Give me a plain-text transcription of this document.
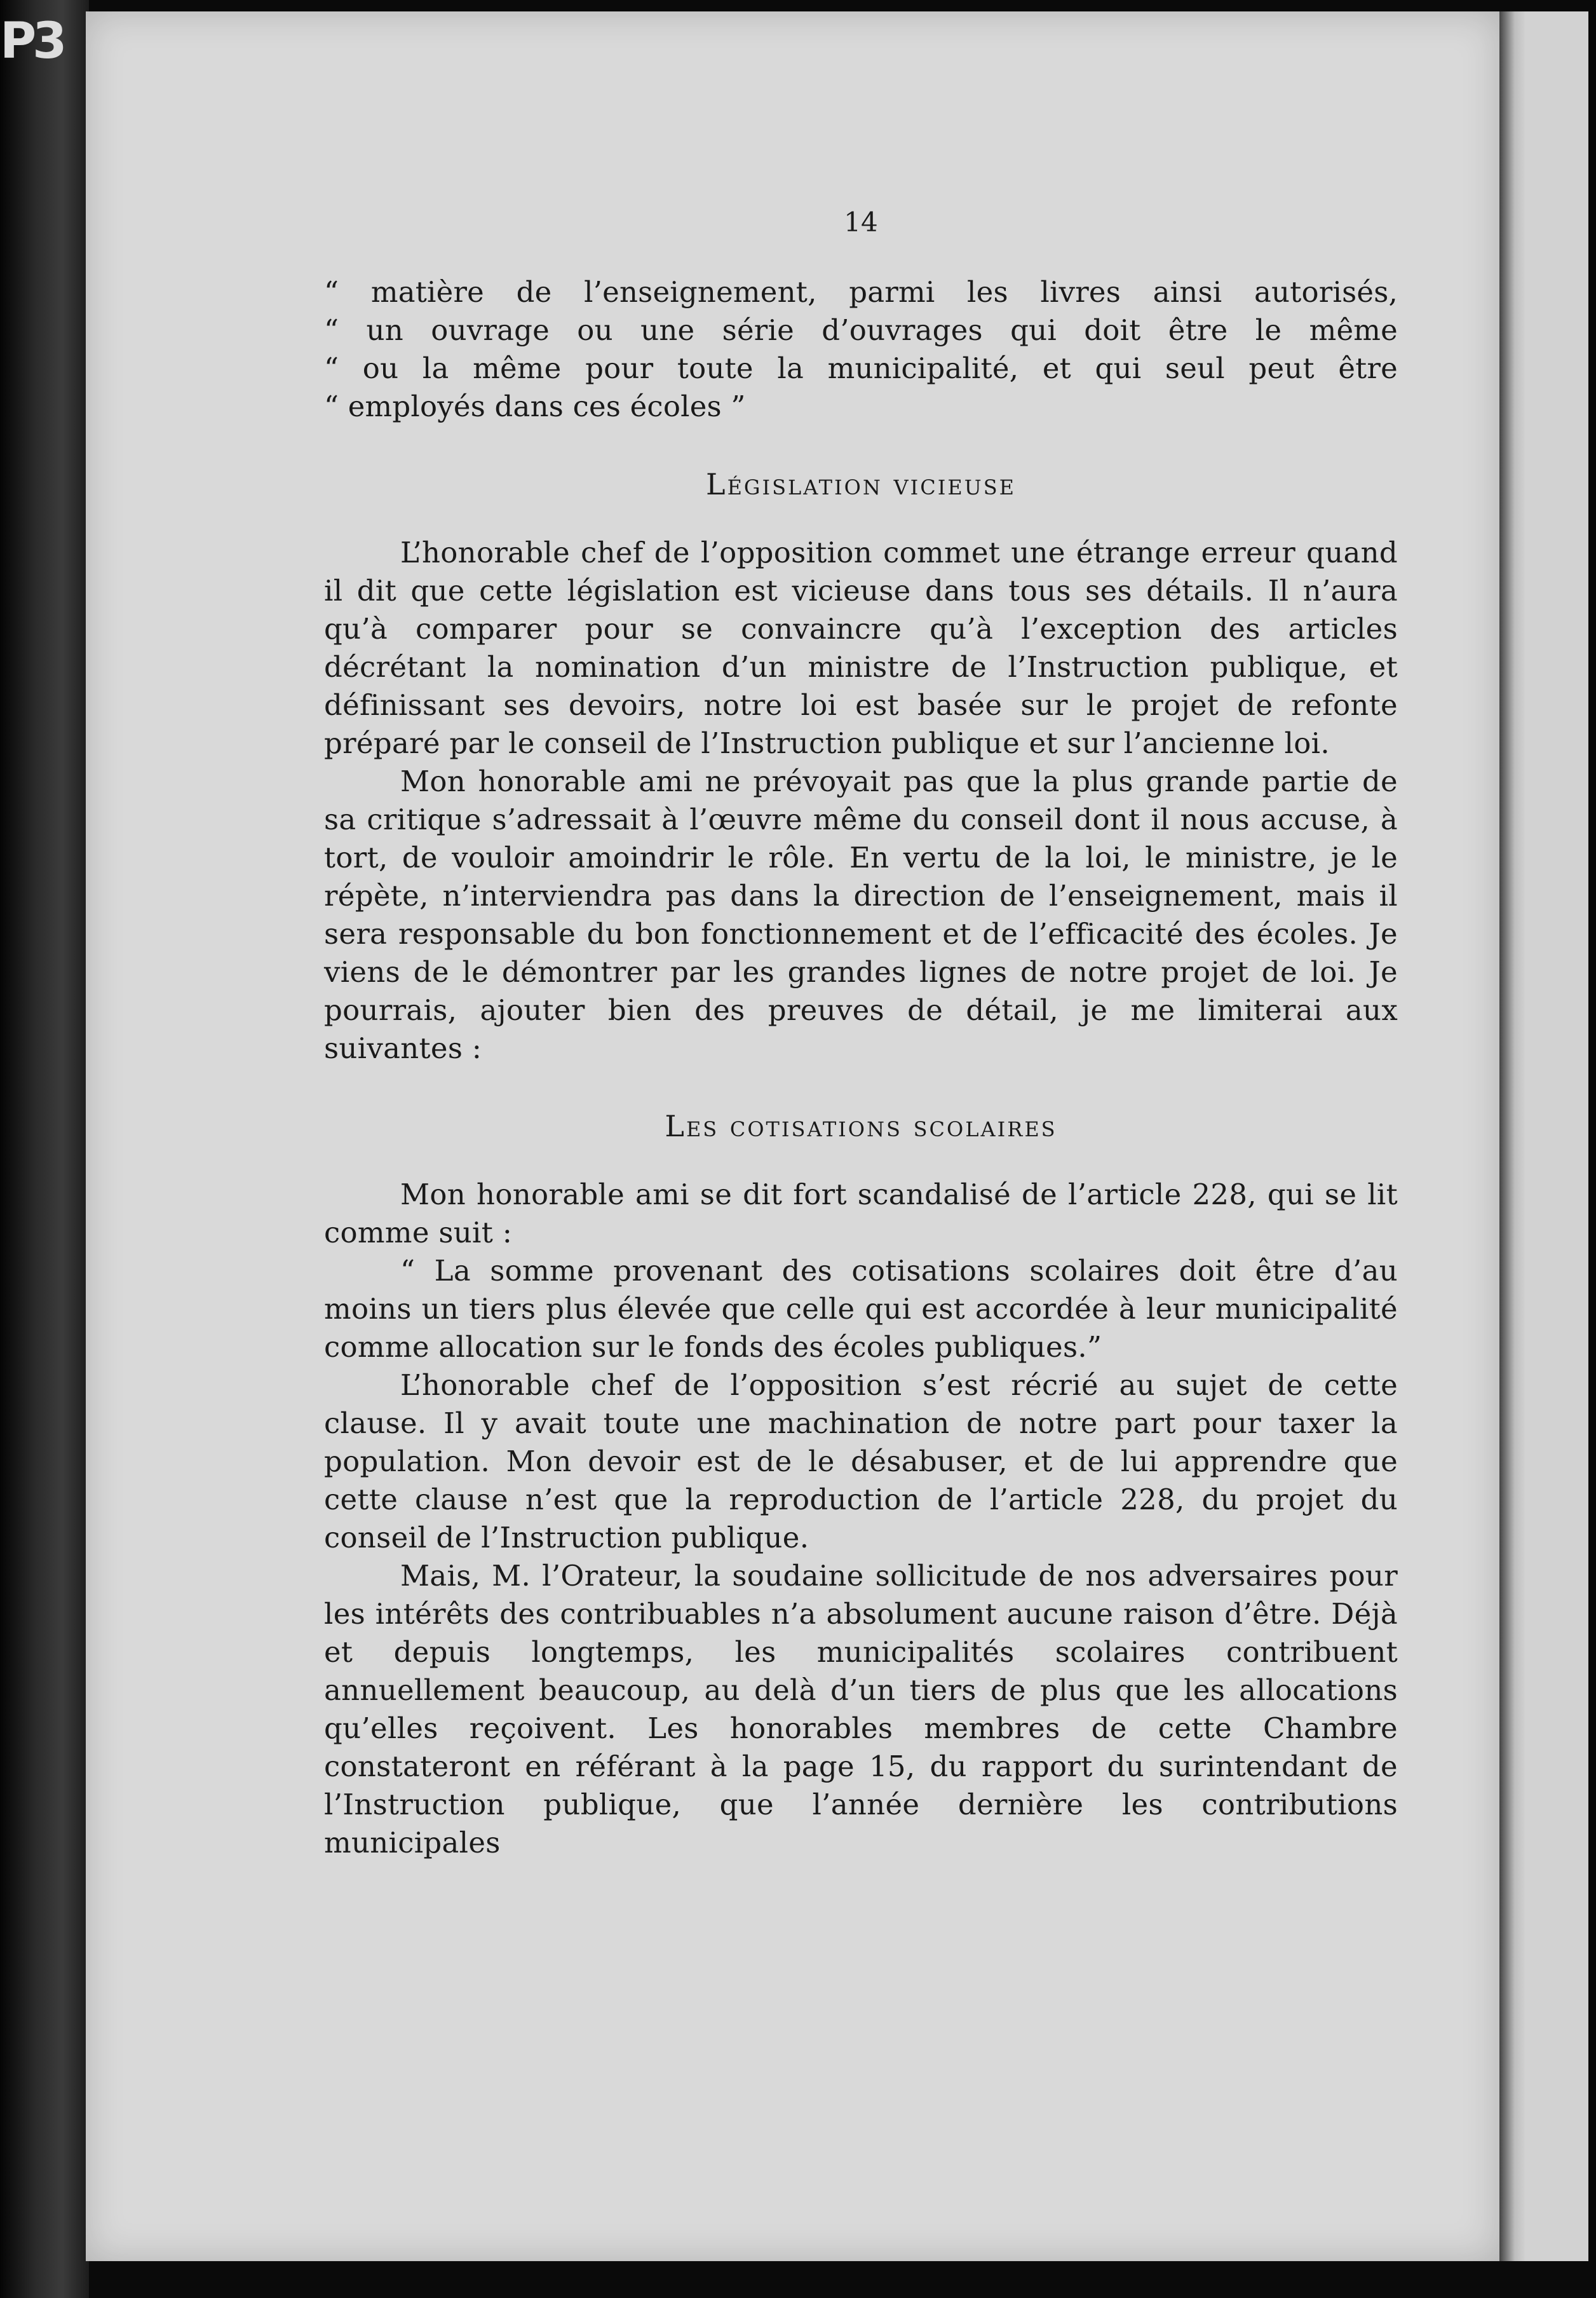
P3
14
“ matière de l’enseignement, parmi les livres ainsi autorisés,
“ un ouvrage ou une série d’ouvrages qui doit être le même
“ ou la même pour toute la municipalité, et qui seul peut être
“ employés dans ces écoles ”
Législation vicieuse

L’honorable chef de l’opposition commet une étrange erreur quand il dit que cette législation est vicieuse dans tous ses détails. Il n’aura qu’à comparer pour se convaincre qu’à l’exception des articles décrétant la nomination d’un ministre de l’Instruction publique, et définissant ses devoirs, notre loi est basée sur le projet de refonte préparé par le conseil de l’Instruction publique et sur l’ancienne loi.

Mon honorable ami ne prévoyait pas que la plus grande partie de sa critique s’adressait à l’œuvre même du conseil dont il nous accuse, à tort, de vouloir amoindrir le rôle. En vertu de la loi, le ministre, je le répète, n’interviendra pas dans la direction de l’enseignement, mais il sera responsable du bon fonctionnement et de l’efficacité des écoles. Je viens de le démontrer par les grandes lignes de notre projet de loi. Je pourrais, ajouter bien des preuves de détail, je me limiterai aux suivantes :

Les cotisations scolaires

Mon honorable ami se dit fort scandalisé de l’article 228, qui se lit comme suit :

“ La somme provenant des cotisations scolaires doit être d’au moins un tiers plus élevée que celle qui est accordée à leur municipalité comme allocation sur le fonds des écoles publiques.”

L’honorable chef de l’opposition s’est récrié au sujet de cette clause. Il y avait toute une machination de notre part pour taxer la population. Mon devoir est de le désabuser, et de lui apprendre que cette clause n’est que la reproduction de l’article 228, du projet du conseil de l’Instruction publique.

Mais, M. l’Orateur, la soudaine sollicitude de nos adversaires pour les intérêts des contribuables n’a absolument aucune raison d’être. Déjà et depuis longtemps, les municipalités scolaires contribuent annuellement beaucoup, au delà d’un tiers de plus que les allocations qu’elles reçoivent. Les honorables membres de cette Chambre constateront en référant à la page 15, du rapport du surintendant de l’Instruction publique, que l’année dernière les contributions municipales
